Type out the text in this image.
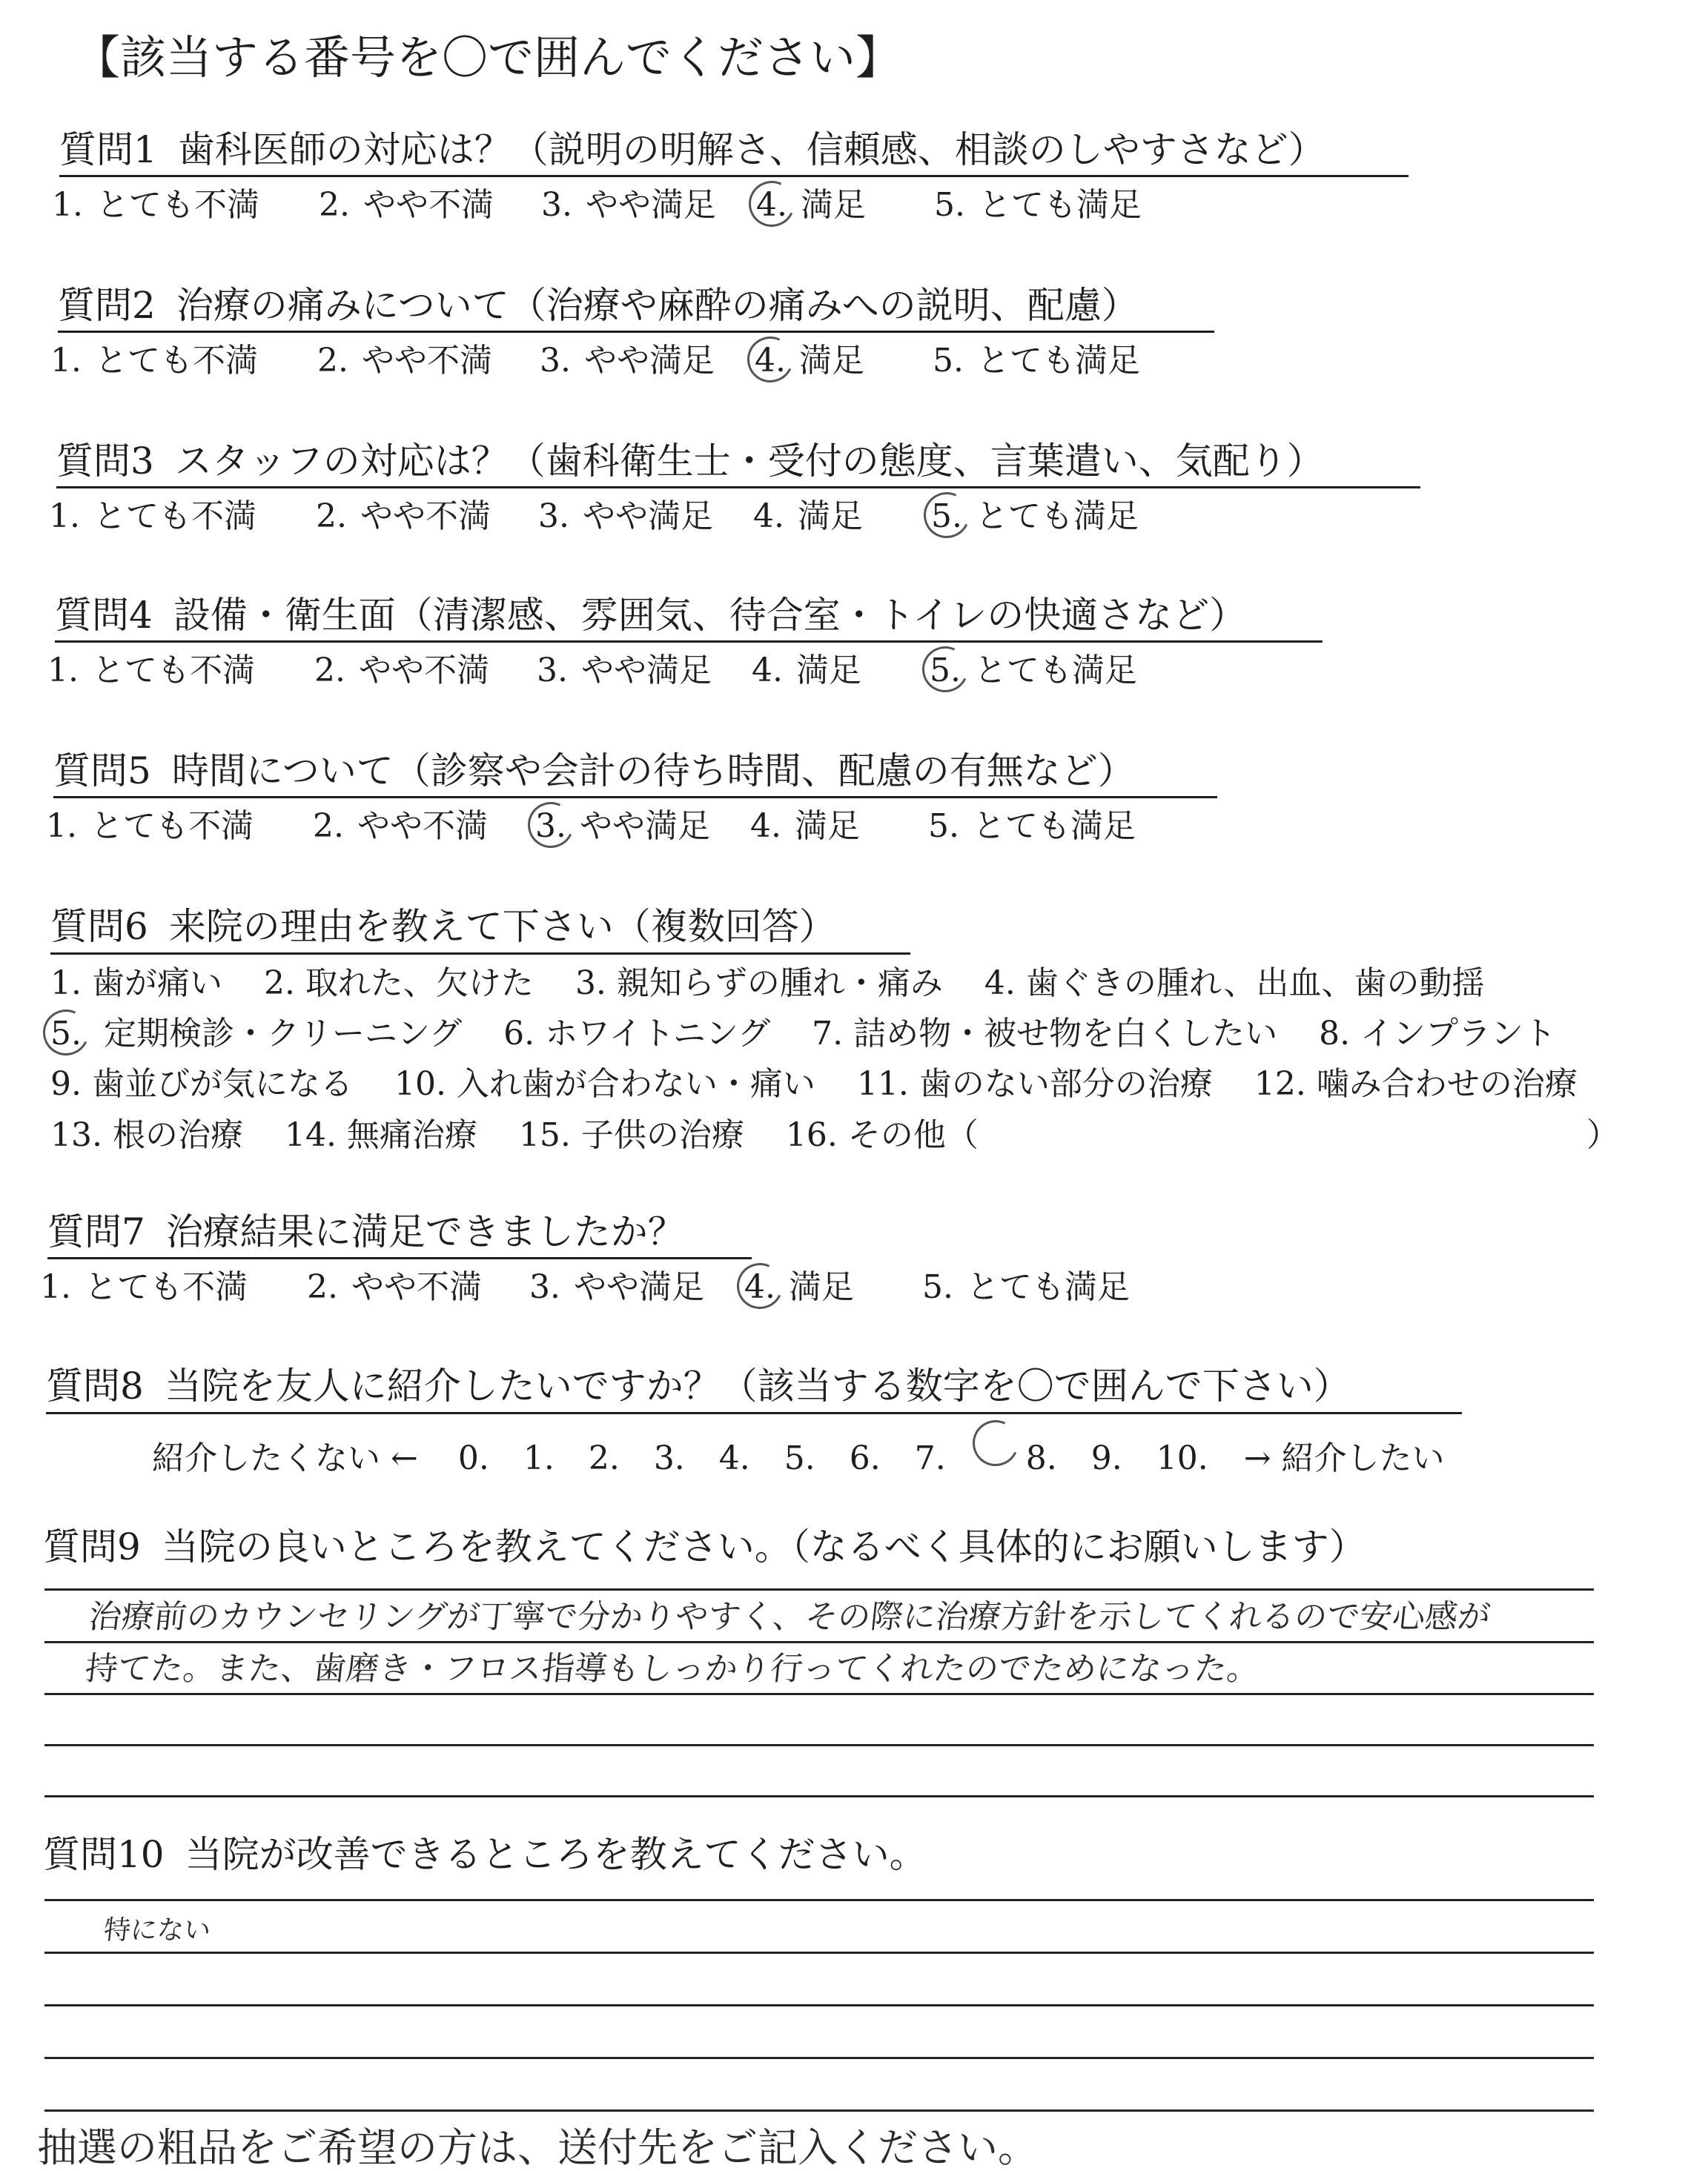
【該当する番号を〇で囲んでください】
質問1 歯科医師の対応は？（説明の明解さ、信頼感、相談のしやすさなど）
1. とても不満 2. やや不満 3. やや満足 4. 満足 5. とても満足
質問2 治療の痛みについて（治療や麻酔の痛みへの説明、配慮）
1. とても不満 2. やや不満 3. やや満足 4. 満足 5. とても満足
質問3 スタッフの対応は？（歯科衛生士・受付の態度、言葉遣い、気配り）
1. とても不満 2. やや不満 3. やや満足 4. 満足 5. とても満足
質問4 設備・衛生面（清潔感、雰囲気、待合室・トイレの快適さなど）
1. とても不満 2. やや不満 3. やや満足 4. 満足 5. とても満足
質問5 時間について（診察や会計の待ち時間、配慮の有無など）
1. とても不満 2. やや不満 3. やや満足 4. 満足 5. とても満足
質問6 来院の理由を教えて下さい（複数回答）
1. 歯が痛い 2. 取れた、欠けた 3. 親知らずの腫れ・痛み 4. 歯ぐきの腫れ、出血、歯の動揺
5. 定期検診・クリーニング 6. ホワイトニング 7. 詰め物・被せ物を白くしたい 8. インプラント
9. 歯並びが気になる 10. 入れ歯が合わない・痛い 11. 歯のない部分の治療 12. 噛み合わせの治療
13. 根の治療 14. 無痛治療 15. 子供の治療 16. その他（	）
質問7 治療結果に満足できましたか？
1. とても不満 2. やや不満 3. やや満足 4. 満足 5. とても満足
質問8 当院を友人に紹介したいですか？（該当する数字を〇で囲んで下さい）
紹介したくない ← 0. 1. 2. 3. 4. 5. 6. 7. 8. 9. 10. → 紹介したい
質問9 当院の良いところを教えてください。（なるべく具体的にお願いします）
治療前のカウンセリングが丁寧で分かりやすく、その際に治療方針を示してくれるので安心感が
持てた。また、歯磨き・フロス指導もしっかり行ってくれたのでためになった。
質問10 当院が改善できるところを教えてください。
特にない
抽選の粗品をご希望の方は、送付先をご記入ください。
